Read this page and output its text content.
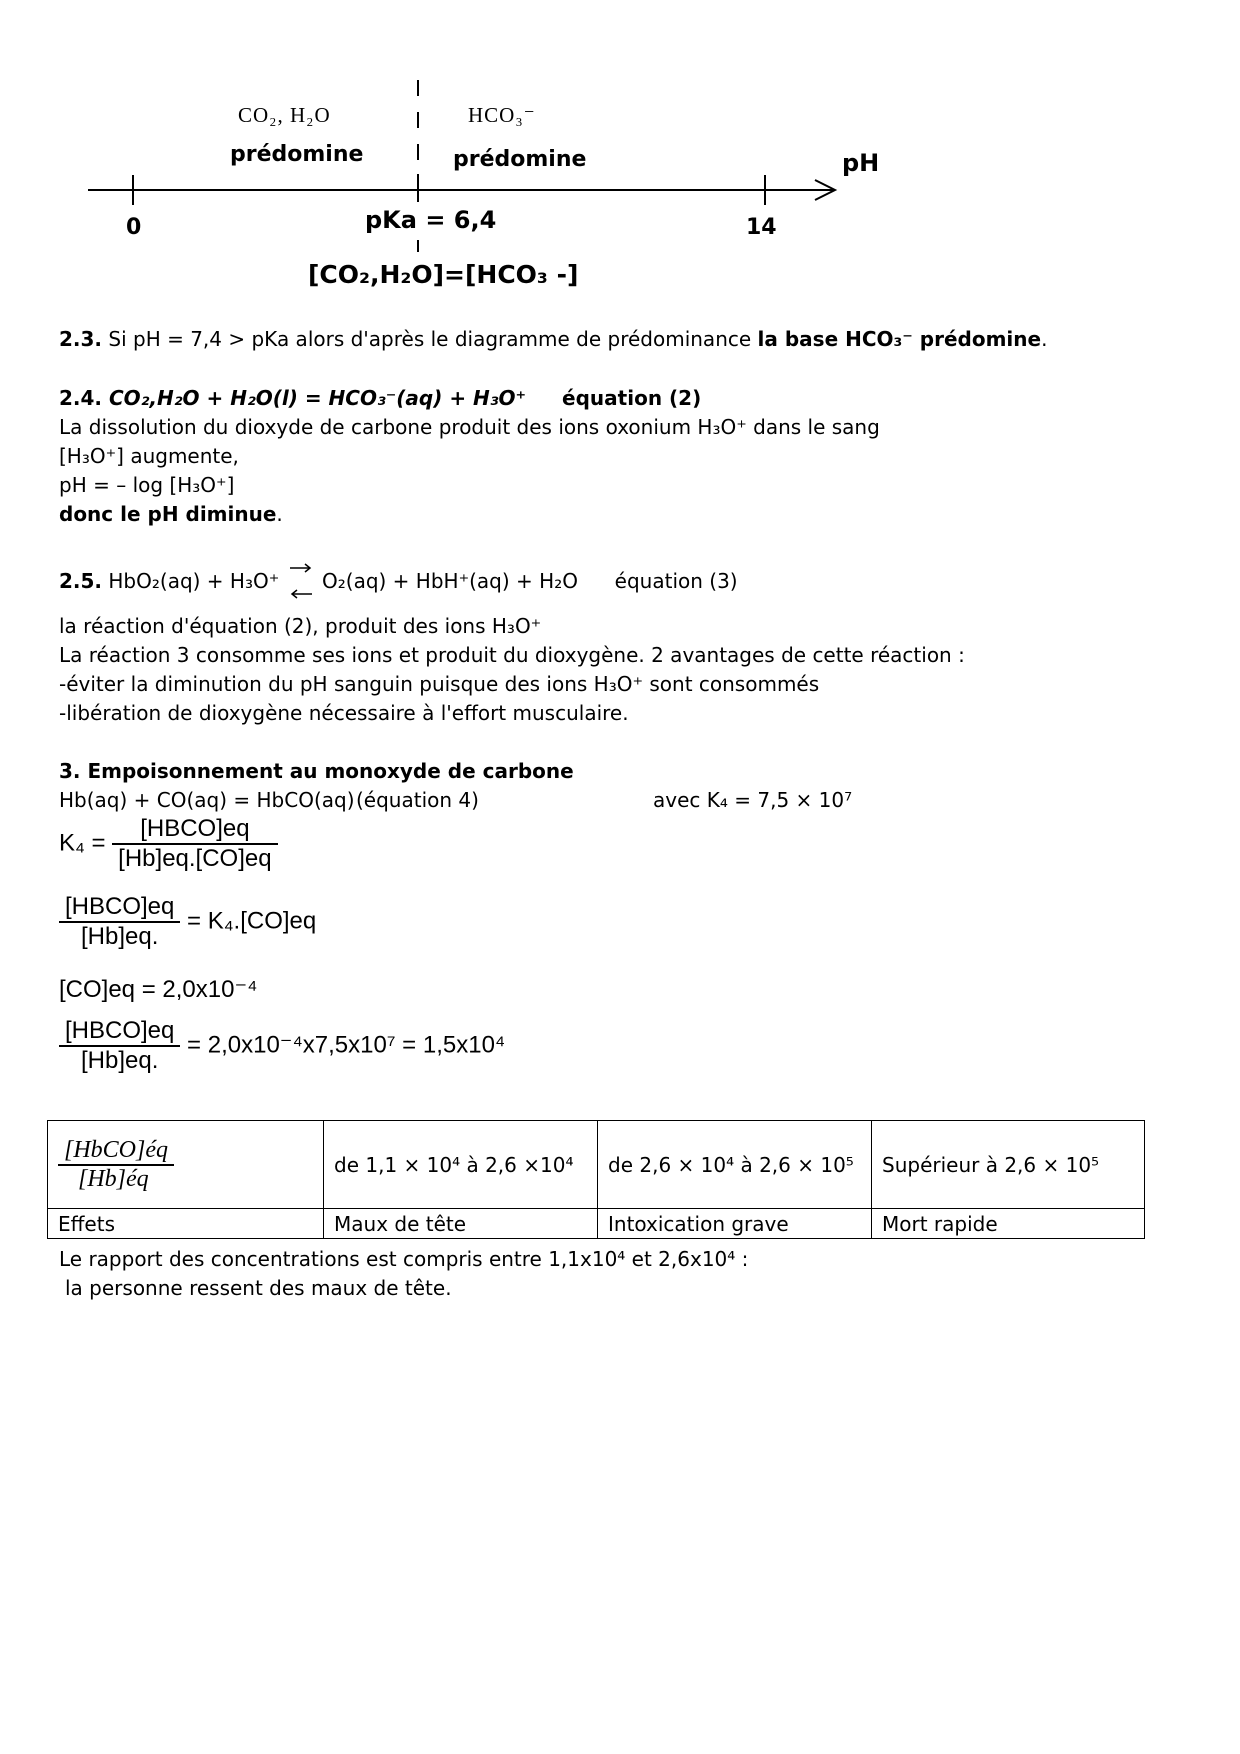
CO₂, H₂O
prédomine
HCO₃⁻
prédomine	pH
0	pKa = 6,4	14
[CO₂,H₂O]=[HCO₃ -]
2.3. Si pH = 7,4 > pKa alors d'après le diagramme de prédominance la base HCO₃⁻ prédomine.
2.4. CO₂,H₂O + H₂O(l) = HCO₃⁻(aq) + H₃O⁺ équation (2)
La dissolution du dioxyde de carbone produit des ions oxonium H₃O⁺ dans le sang
[H₃O⁺] augmente,
pH = – log [H₃O⁺]
donc le pH diminue.
2.5. HbO₂(aq) + H₃O⁺ ⇌ O₂(aq) + HbH⁺(aq) + H₂O équation (3)
la réaction d'équation (2), produit des ions H₃O⁺
La réaction 3 consomme ses ions et produit du dioxygène. 2 avantages de cette réaction :
-éviter la diminution du pH sanguin puisque des ions H₃O⁺ sont consommés
-libération de dioxygène nécessaire à l'effort musculaire.
3. Empoisonnement au monoxyde de carbone
Hb(aq) + CO(aq) = HbCO(aq) (équation 4)	avec K₄ = 7,5 × 10⁷
$K_4 = \frac{\text{[HBCO]eq}}{[Hb]eq.[CO]eq}$
$\frac{\text{[HBCO]eq}}{[Hb]eq.} = K_4.[CO]eq$
[CO]eq = 2,0x10⁻⁴
$\frac{\text{[HBCO]eq}}{[Hb]eq.} = 2,0x10^{-4}x7,5x10^7 = 1,5x10^4$
$\frac{\text{[HbCO]éq}}{[Hb]éq}$	de 1,1 × 10⁴ à 2,6 ×10⁴	de 2,6 × 10⁴ à 2,6 × 10⁵	Supérieur à 2,6 × 10⁵
Effets	Maux de tête	Intoxication grave	Mort rapide
Le rapport des concentrations est compris entre 1,1x10⁴ et 2,6x10⁴ :
la personne ressent des maux de tête.
